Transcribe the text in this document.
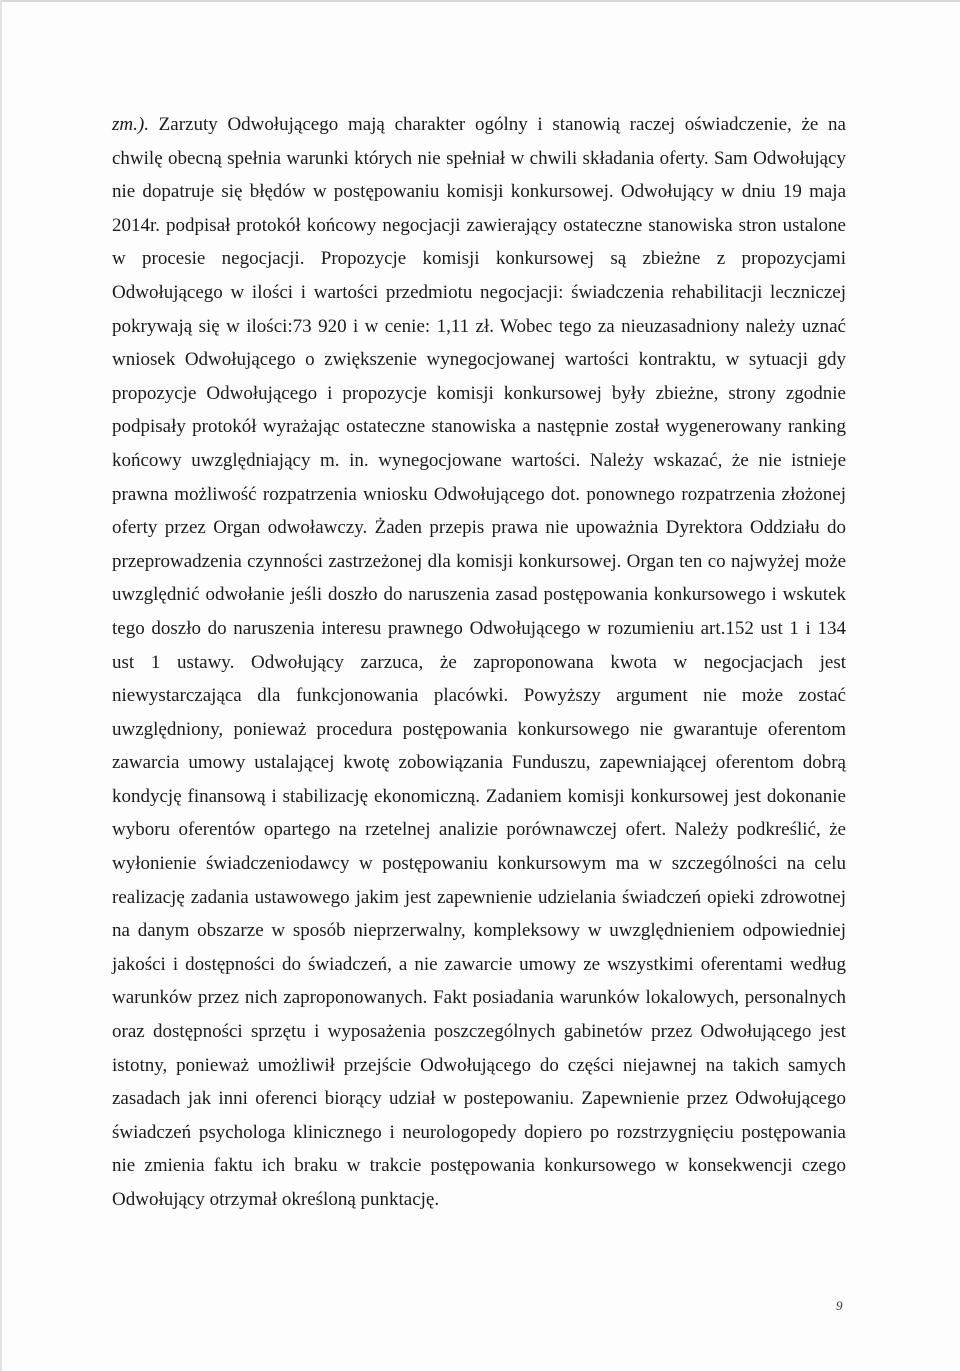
zm.). Zarzuty Odwołującego mają charakter ogólny i stanowią raczej oświadczenie, że na chwilę obecną spełnia warunki których nie spełniał w chwili składania oferty. Sam Odwołujący nie dopatruje się błędów w postępowaniu komisji konkursowej. Odwołujący w dniu 19 maja 2014r. podpisał protokół końcowy negocjacji zawierający ostateczne stanowiska stron ustalone w procesie negocjacji. Propozycje komisji konkursowej są zbieżne z propozycjami Odwołującego w ilości i wartości przedmiotu negocjacji: świadczenia rehabilitacji leczniczej pokrywają się w ilości:73 920 i w cenie: 1,11 zł. Wobec tego za nieuzasadniony należy uznać wniosek Odwołującego o zwiększenie wynegocjowanej wartości kontraktu, w sytuacji gdy propozycje Odwołującego i propozycje komisji konkursowej były zbieżne, strony zgodnie podpisały protokół wyrażając ostateczne stanowiska a następnie został wygenerowany ranking końcowy uwzględniający m. in. wynegocjowane wartości. Należy wskazać, że nie istnieje prawna możliwość rozpatrzenia wniosku Odwołującego dot. ponownego rozpatrzenia złożonej oferty przez Organ odwoławczy. Żaden przepis prawa nie upoważnia Dyrektora Oddziału do przeprowadzenia czynności zastrzeżonej dla komisji konkursowej. Organ ten co najwyżej może uwzględnić odwołanie jeśli doszło do naruszenia zasad postępowania konkursowego i wskutek tego doszło do naruszenia interesu prawnego Odwołującego w rozumieniu art.152 ust 1 i 134 ust 1 ustawy. Odwołujący zarzuca, że zaproponowana kwota w negocjacjach jest niewystarczająca dla funkcjonowania placówki. Powyższy argument nie może zostać uwzględniony, ponieważ procedura postępowania konkursowego nie gwarantuje oferentom zawarcia umowy ustalającej kwotę zobowiązania Funduszu, zapewniającej oferentom dobrą kondycję finansową i stabilizację ekonomiczną. Zadaniem komisji konkursowej jest dokonanie wyboru oferentów opartego na rzetelnej analizie porównawczej ofert. Należy podkreślić, że wyłonienie świadczeniodawcy w postępowaniu konkursowym ma w szczególności na celu realizację zadania ustawowego jakim jest zapewnienie udzielania świadczeń opieki zdrowotnej na danym obszarze w sposób nieprzerwalny, kompleksowy w uwzględnieniem odpowiedniej jakości i dostępności do świadczeń, a nie zawarcie umowy ze wszystkimi oferentami według warunków przez nich zaproponowanych. Fakt posiadania warunków lokalowych, personalnych oraz dostępności sprzętu i wyposażenia poszczególnych gabinetów przez Odwołującego jest istotny, ponieważ umożliwił przejście Odwołującego do części niejawnej na takich samych zasadach jak inni oferenci biorący udział w postepowaniu. Zapewnienie przez Odwołującego świadczeń psychologa klinicznego i neurologopedy dopiero po rozstrzygnięciu postępowania nie zmienia faktu ich braku w trakcie postępowania konkursowego w konsekwencji czego Odwołujący otrzymał określoną punktację.

9
